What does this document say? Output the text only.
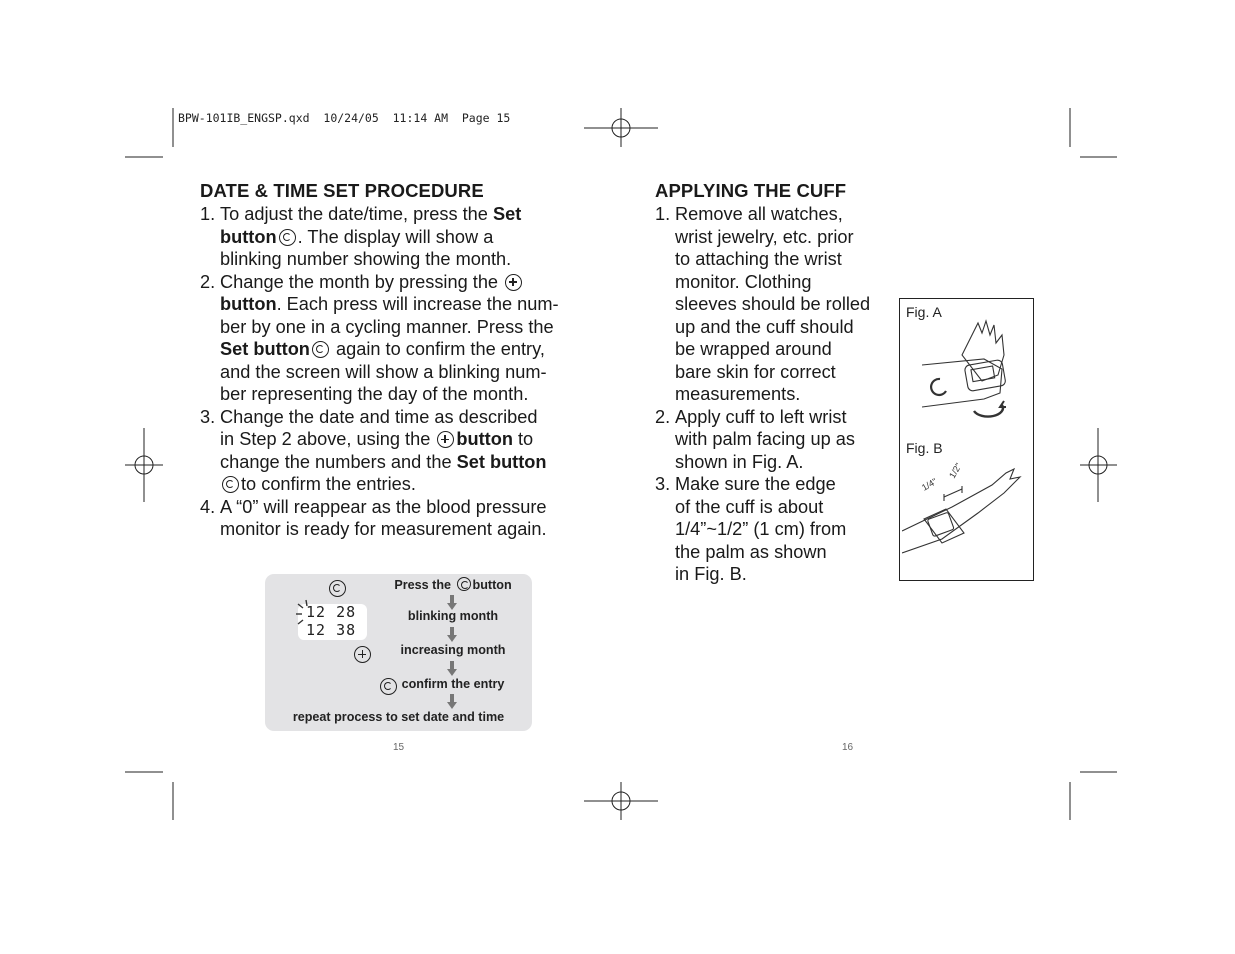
BPW-101IB_ENGSP.qxd  10/24/05  11:14 AM  Page 15
DATE & TIME SET PROCEDURE
1. To adjust the date/time, press the Set
button . The display will show a
blinking number showing the month.
2. Change the month by pressing the
button. Each press will increase the num-
ber by one in a cycling manner. Press the
Set button again to confirm the entry,
and the screen will show a blinking num-
ber representing the day of the month.
3. Change the date and time as described
in Step 2 above, using the button to
change the numbers and the Set button
to confirm the entries.
4. A “0” will reappear as the blood pressure
monitor is ready for measurement again.

12 28
12 38

Press the button
blinking month
increasing month
confirm the entry
repeat process to set date and time
15
APPLYING THE CUFF
1. Remove all watches,
wrist jewelry, etc. prior
to attaching the wrist
monitor. Clothing
sleeves should be rolled
up and the cuff should
be wrapped around
bare skin for correct
measurements.
2. Apply cuff to left wrist
with palm facing up as
shown in Fig. A.
3. Make sure the edge
of the cuff is about
1/4”~1/2” (1 cm) from
the palm as shown
in Fig. B.
Fig. A
Fig. B
1/4"
1/2"
16
